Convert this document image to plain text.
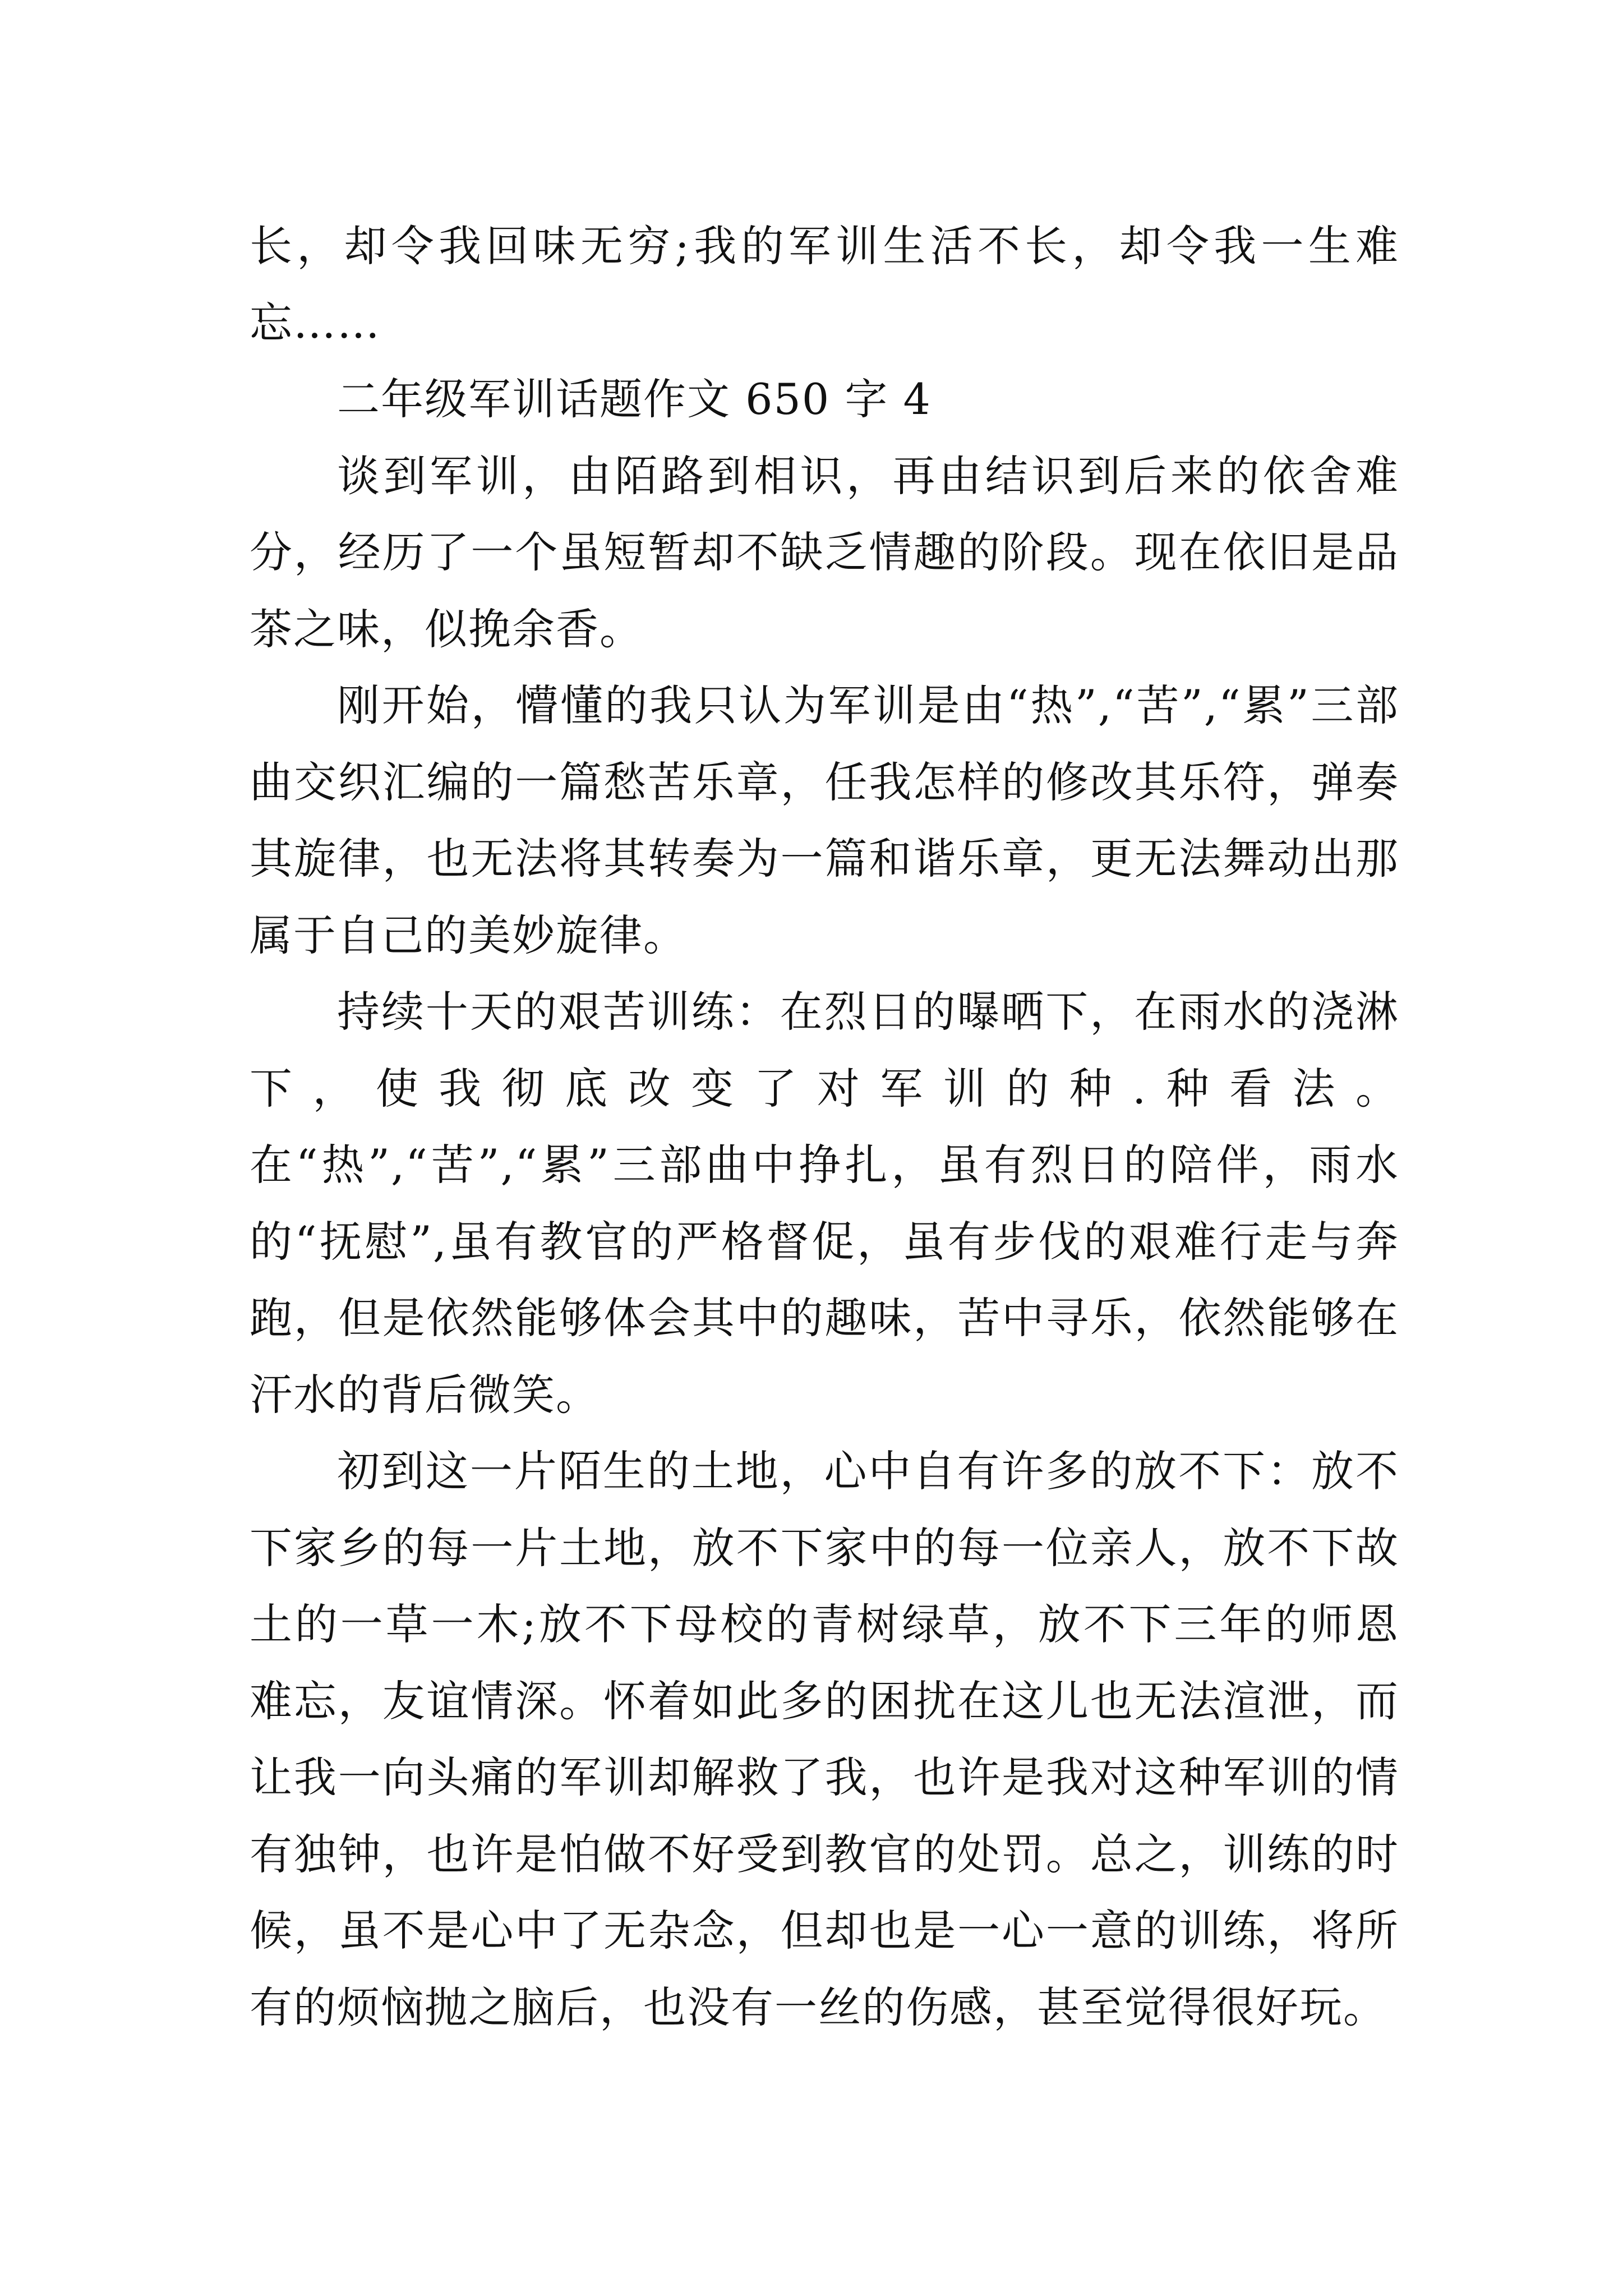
长，却令我回味无穷;我的军训生活不长，却令我一生难忘……

二年级军训话题作文 650 字 4

谈到军训，由陌路到相识，再由结识到后来的依舍难分，经历了一个虽短暂却不缺乏情趣的阶段。现在依旧是品茶之味，似挽余香。

刚开始，懵懂的我只认为军训是由“热”,“苦”,“累”三部曲交织汇编的一篇愁苦乐章，任我怎样的修改其乐符，弹奏其旋律，也无法将其转奏为一篇和谐乐章，更无法舞动出那属于自己的美妙旋律。

持续十天的艰苦训练：在烈日的曝晒下，在雨水的浇淋下，使我彻底改变了对军训的种.种看法。在“热”,“苦”,“累”三部曲中挣扎，虽有烈日的陪伴，雨水的“抚慰”,虽有教官的严格督促，虽有步伐的艰难行走与奔跑，但是依然能够体会其中的趣味，苦中寻乐，依然能够在汗水的背后微笑。

初到这一片陌生的土地，心中自有许多的放不下：放不下家乡的每一片土地，放不下家中的每一位亲人，放不下故土的一草一木;放不下母校的青树绿草，放不下三年的师恩难忘，友谊情深。怀着如此多的困扰在这儿也无法渲泄，而让我一向头痛的军训却解救了我，也许是我对这种军训的情有独钟，也许是怕做不好受到教官的处罚。总之，训练的时候，虽不是心中了无杂念，但却也是一心一意的训练，将所有的烦恼抛之脑后，也没有一丝的伤感，甚至觉得很好玩。
